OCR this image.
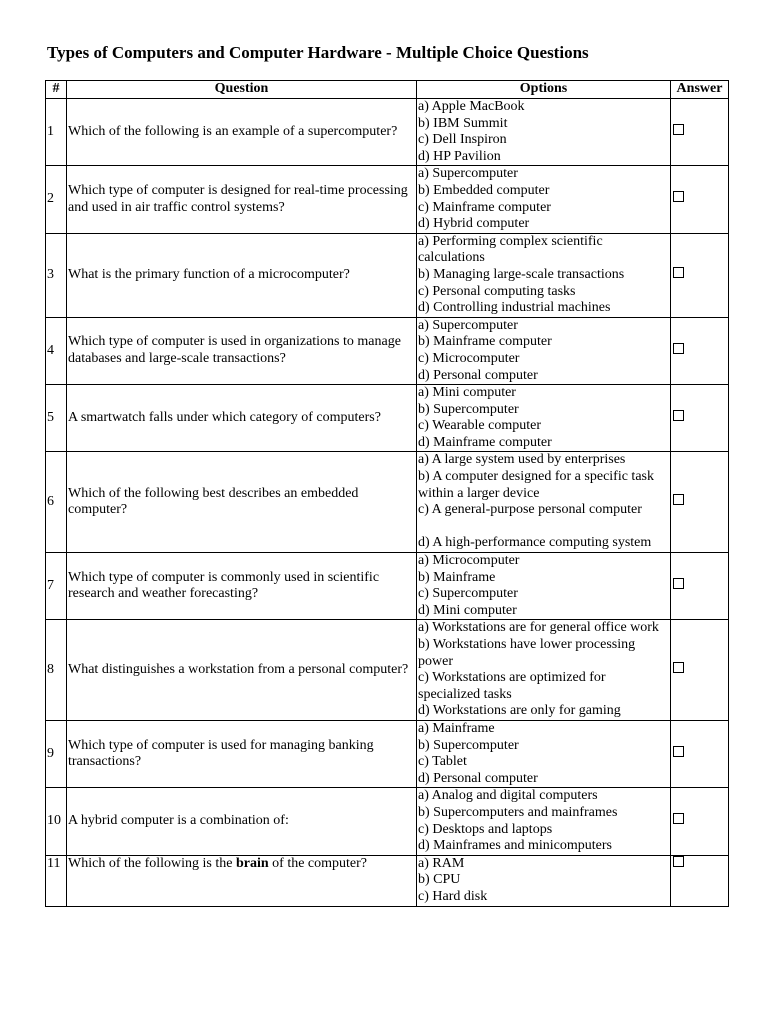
Types of Computers and Computer Hardware - Multiple Choice Questions
#	Question	Options	Answer
1	Which of the following is an example of a supercomputer?	a) Apple MacBook
b) IBM Summit
c) Dell Inspiron
d) HP Pavilion	

2	Which type of computer is designed for real-time processing and used in air traffic control systems?	a) Supercomputer
b) Embedded computer
c) Mainframe computer
d) Hybrid computer	

3	What is the primary function of a microcomputer?	a) Performing complex scientific calculations
b) Managing large-scale transactions
c) Personal computing tasks
d) Controlling industrial machines	

4	Which type of computer is used in organizations to manage databases and large-scale transactions?	a) Supercomputer
b) Mainframe computer
c) Microcomputer
d) Personal computer	

5	A smartwatch falls under which category of computers?	a) Mini computer
b) Supercomputer
c) Wearable computer
d) Mainframe computer	

6	Which of the following best describes an embedded computer?	a) A large system used by enterprises
b) A computer designed for a specific task within a larger device
c) A general-purpose personal computer
d) A high-performance computing system	

7	Which type of computer is commonly used in scientific research and weather forecasting?	a) Microcomputer
b) Mainframe
c) Supercomputer
d) Mini computer	

8	What distinguishes a workstation from a personal computer?	a) Workstations are for general office work
b) Workstations have lower processing power
c) Workstations are optimized for specialized tasks
d) Workstations are only for gaming	

9	Which type of computer is used for managing banking transactions?	a) Mainframe
b) Supercomputer
c) Tablet
d) Personal computer	

10	A hybrid computer is a combination of:	a) Analog and digital computers
b) Supercomputers and mainframes
c) Desktops and laptops
d) Mainframes and minicomputers	

11	Which of the following is the brain of the computer?	a) RAM
b) CPU
c) Hard disk	
